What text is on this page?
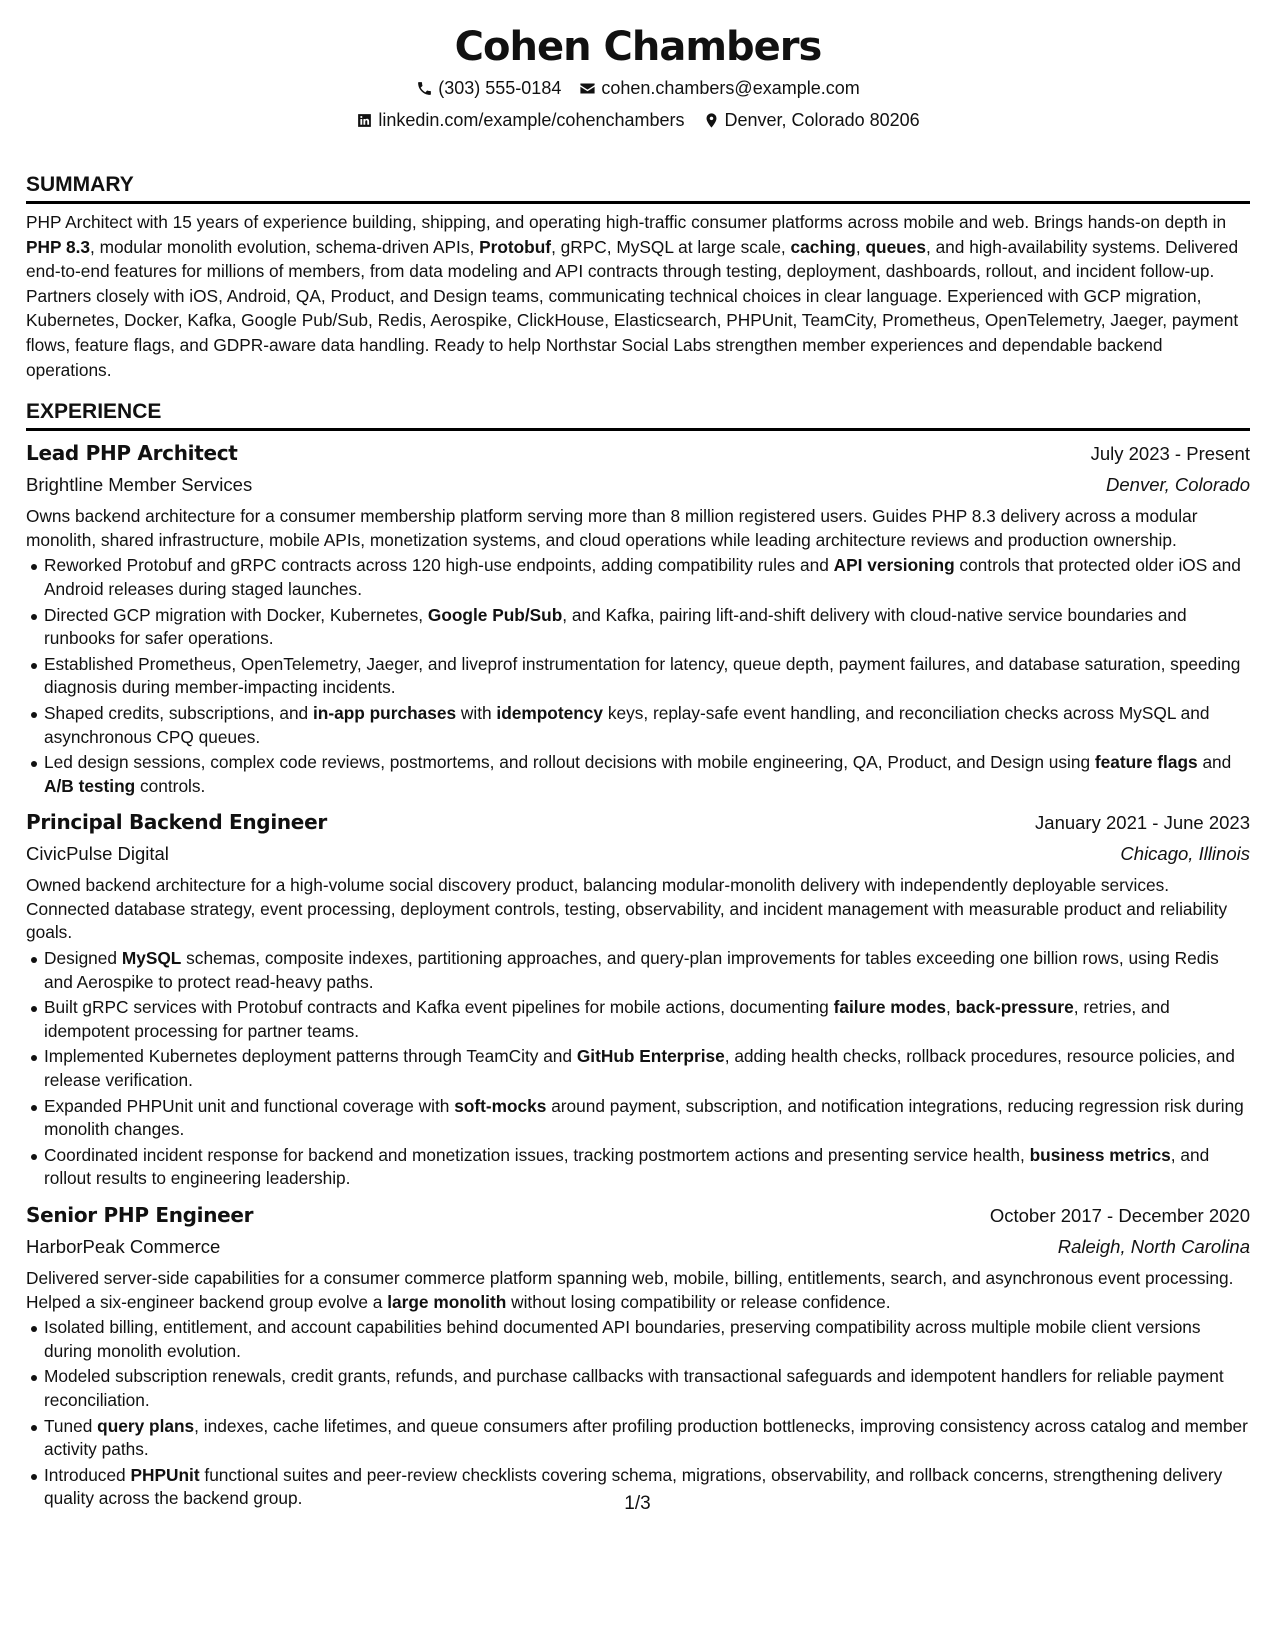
Cohen Chambers
(303) 555-0184 cohen.chambers@example.com
linkedin.com/example/cohenchambers Denver, Colorado 80206
SUMMARY

PHP Architect with 15 years of experience building, shipping, and operating high-traffic consumer platforms across mobile and web. Brings hands-on depth in PHP 8.3, modular monolith evolution, schema-driven APIs, Protobuf, gRPC, MySQL at large scale, caching, queues, and high-availability systems. Delivered end-to-end features for millions of members, from data modeling and API contracts through testing, deployment, dashboards, rollout, and incident follow-up. Partners closely with iOS, Android, QA, Product, and Design teams, communicating technical choices in clear language. Experienced with GCP migration, Kubernetes, Docker, Kafka, Google Pub/Sub, Redis, Aerospike, ClickHouse, Elasticsearch, PHPUnit, TeamCity, Prometheus, OpenTelemetry, Jaeger, payment flows, feature flags, and GDPR-aware data handling. Ready to help Northstar Social Labs strengthen member experiences and dependable backend operations.

EXPERIENCE
Lead PHP Architect	July 2023 - Present
Brightline Member Services	Denver, Colorado

Owns backend architecture for a consumer membership platform serving more than 8 million registered users. Guides PHP 8.3 delivery across a modular monolith, shared infrastructure, mobile APIs, monetization systems, and cloud operations while leading architecture reviews and production ownership.

Reworked Protobuf and gRPC contracts across 120 high-use endpoints, adding compatibility rules and API versioning controls that protected older iOS and Android releases during staged launches.
Directed GCP migration with Docker, Kubernetes, Google Pub/Sub, and Kafka, pairing lift-and-shift delivery with cloud-native service boundaries and runbooks for safer operations.
Established Prometheus, OpenTelemetry, Jaeger, and liveprof instrumentation for latency, queue depth, payment failures, and database saturation, speeding diagnosis during member-impacting incidents.
Shaped credits, subscriptions, and in-app purchases with idempotency keys, replay-safe event handling, and reconciliation checks across MySQL and asynchronous CPQ queues.
Led design sessions, complex code reviews, postmortems, and rollout decisions with mobile engineering, QA, Product, and Design using feature flags and A/B testing controls.
Principal Backend Engineer	January 2021 - June 2023
CivicPulse Digital	Chicago, Illinois

Owned backend architecture for a high-volume social discovery product, balancing modular-monolith delivery with independently deployable services. Connected database strategy, event processing, deployment controls, testing, observability, and incident management with measurable product and reliability goals.

Designed MySQL schemas, composite indexes, partitioning approaches, and query-plan improvements for tables exceeding one billion rows, using Redis and Aerospike to protect read-heavy paths.
Built gRPC services with Protobuf contracts and Kafka event pipelines for mobile actions, documenting failure modes, back-pressure, retries, and idempotent processing for partner teams.
Implemented Kubernetes deployment patterns through TeamCity and GitHub Enterprise, adding health checks, rollback procedures, resource policies, and release verification.
Expanded PHPUnit unit and functional coverage with soft-mocks around payment, subscription, and notification integrations, reducing regression risk during monolith changes.
Coordinated incident response for backend and monetization issues, tracking postmortem actions and presenting service health, business metrics, and rollout results to engineering leadership.
Senior PHP Engineer	October 2017 - December 2020
HarborPeak Commerce	Raleigh, North Carolina

Delivered server-side capabilities for a consumer commerce platform spanning web, mobile, billing, entitlements, search, and asynchronous event processing. Helped a six-engineer backend group evolve a large monolith without losing compatibility or release confidence.

Isolated billing, entitlement, and account capabilities behind documented API boundaries, preserving compatibility across multiple mobile client versions during monolith evolution.
Modeled subscription renewals, credit grants, refunds, and purchase callbacks with transactional safeguards and idempotent handlers for reliable payment reconciliation.
Tuned query plans, indexes, cache lifetimes, and queue consumers after profiling production bottlenecks, improving consistency across catalog and member activity paths.
Introduced PHPUnit functional suites and peer-review checklists covering schema, migrations, observability, and rollback concerns, strengthening delivery quality across the backend group.	1/3
